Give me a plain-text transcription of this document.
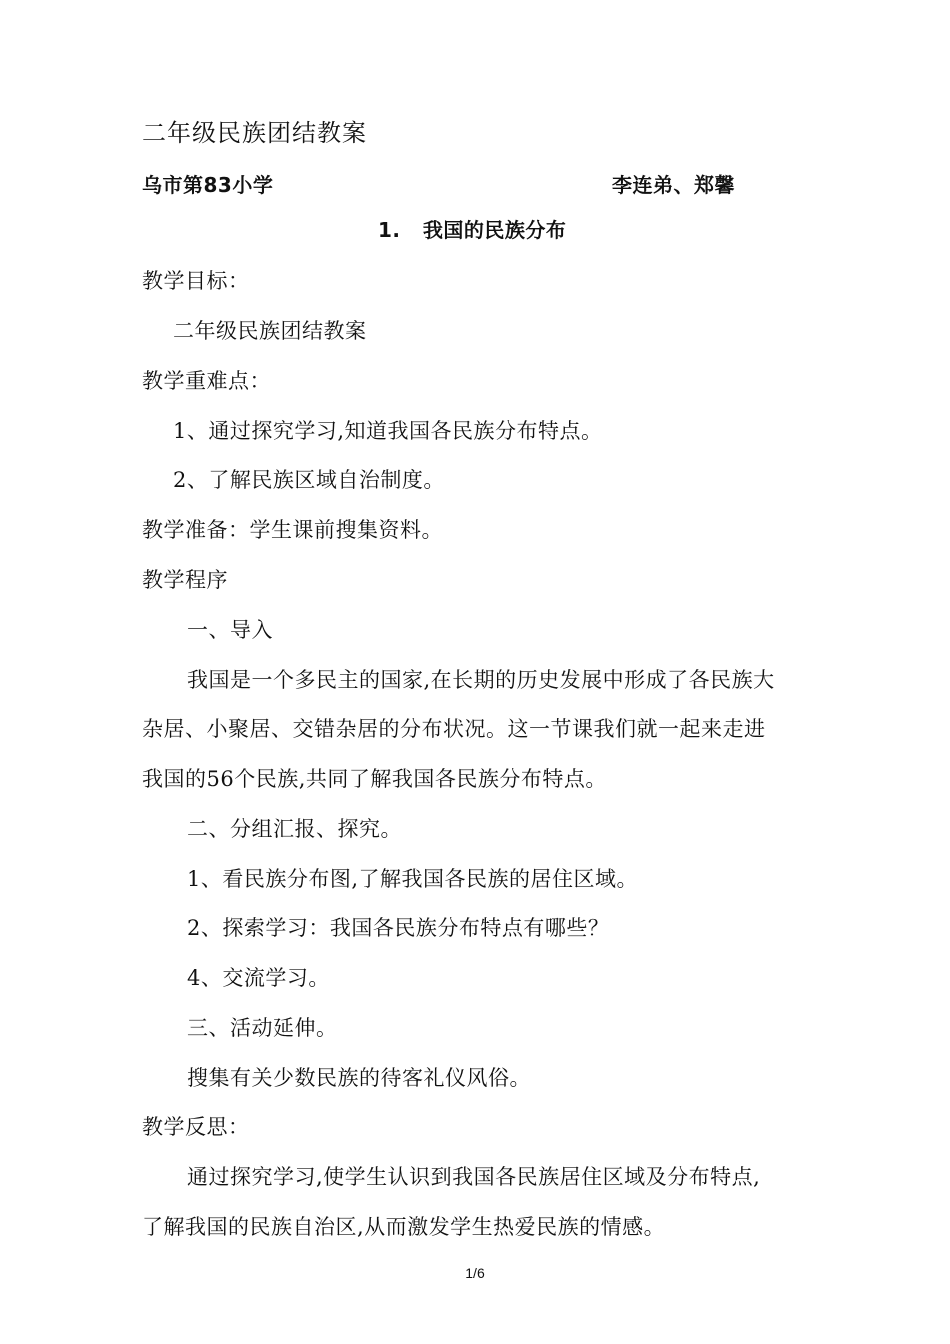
二年级民族团结教案
乌市第83小学	李连弟、郑馨
1.   我国的民族分布
教学目标：
二年级民族团结教案
教学重难点：
1、通过探究学习,知道我国各民族分布特点。
2、了解民族区域自治制度。
教学准备：学生课前搜集资料。
教学程序
一、导入
我国是一个多民主的国家,在长期的历史发展中形成了各民族大
杂居、小聚居、交错杂居的分布状况。这一节课我们就一起来走进
我国的56个民族,共同了解我国各民族分布特点。
二、分组汇报、探究。
1、看民族分布图,了解我国各民族的居住区域。
2、探索学习：我国各民族分布特点有哪些？
4、交流学习。
三、活动延伸。
搜集有关少数民族的待客礼仪风俗。
教学反思：
通过探究学习,使学生认识到我国各民族居住区域及分布特点,
了解我国的民族自治区,从而激发学生热爱民族的情感。
1/6
